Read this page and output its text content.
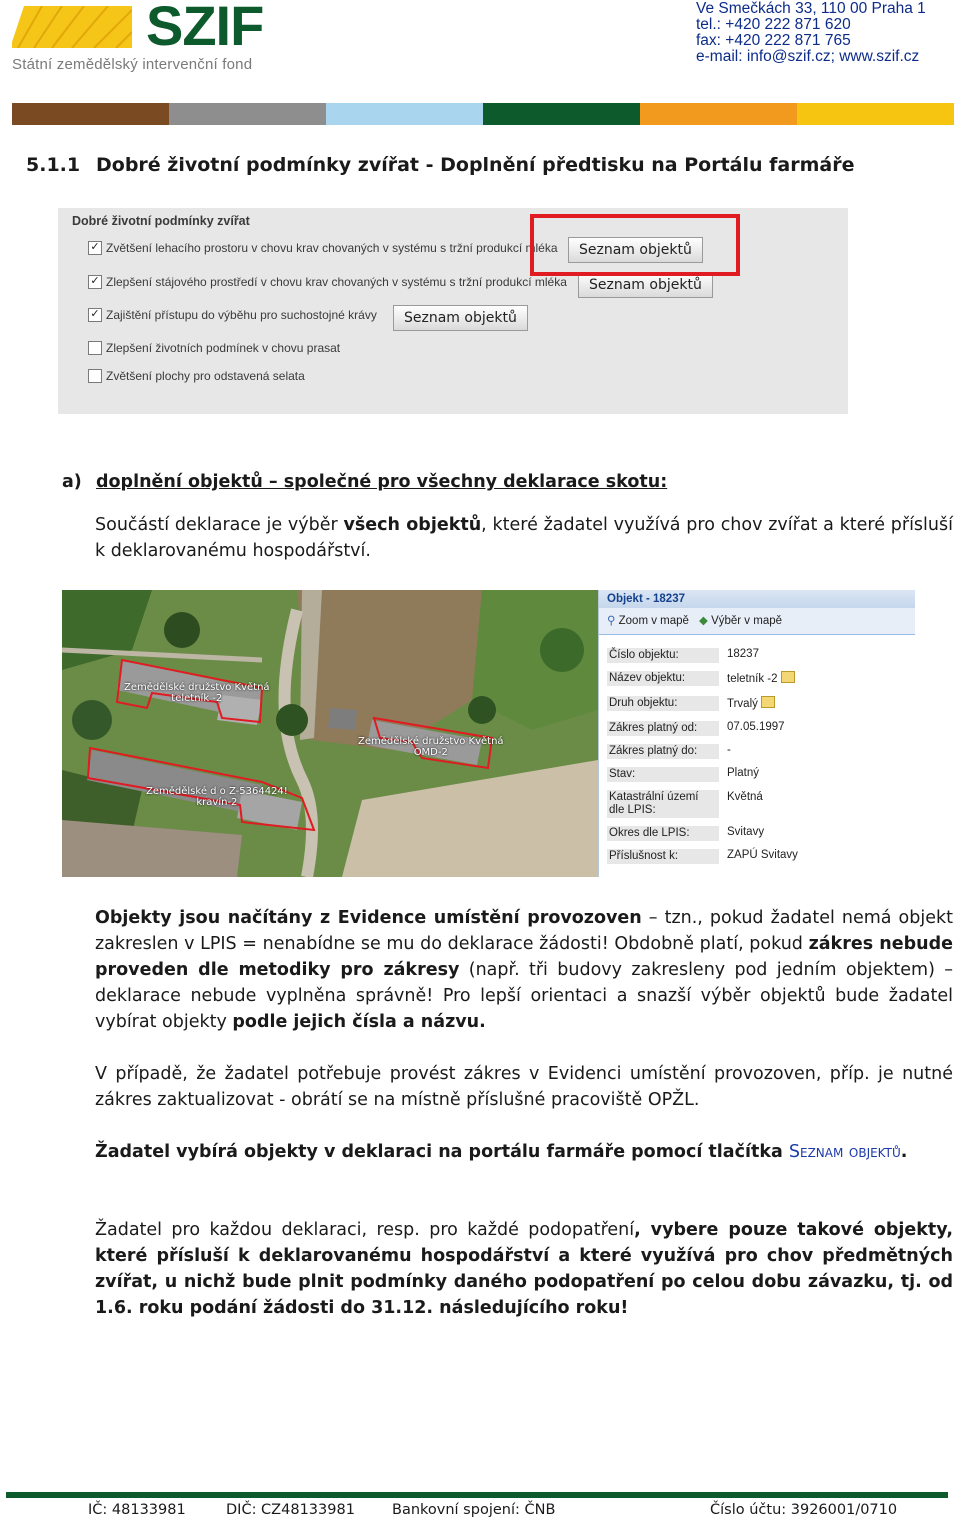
SZIF
Státní zemědělský intervenční fond
Ve Smečkách 33, 110 00 Praha 1
tel.: +420 222 871 620
fax: +420 222 871 765
e-mail: info@szif.cz; www.szif.cz
5.1.1 Dobré životní podmínky zvířat - Doplnění předtisku na Portálu farmáře
Dobré životní podmínky zvířat
✓ Zvětšení lehacího prostoru v chovu krav chovaných v systému s tržní produkcí mléka
✓ Zlepšení stájového prostředí v chovu krav chovaných v systému s tržní produkcí mléka
✓ Zajištění přístupu do výběhu pro suchostojné krávy
Zlepšení životních podmínek v chovu prasat
Zvětšení plochy pro odstavená selata
Seznam objektů
Seznam objektů
Seznam objektů
a) doplnění objektů – společné pro všechny deklarace skotu:
Součástí deklarace je výběr všech objektů, které žadatel využívá pro chov zvířat a které přísluší k deklarovanému hospodářství.
Zemědělské družstvo Květná
teletník -2
Zemědělské družstvo Květná
OMD-2
Zemědělské d o Z-5364424!
kravín-2
Objekt - 18237
⚲ Zoom v mapě ◆ Výběr v mapě
Číslo objektu:	18237
Název objektu:	teletník -2
Druh objektu:	Trvalý
Zákres platný od:	07.05.1997
Zákres platný do:	-
Stav:	Platný
Katastrální území dle LPIS:
Květná
Okres dle LPIS:	Svitavy
Příslušnost k:	ZAPÚ Svitavy
Objekty jsou načítány z Evidence umístění provozoven – tzn., pokud žadatel nemá objekt zakreslen v LPIS = nenabídne se mu do deklarace žádosti! Obdobně platí, pokud zákres nebude proveden dle metodiky pro zákresy (např. tři budovy zakresleny pod jedním objektem) – deklarace nebude vyplněna správně! Pro lepší orientaci a snazší výběr objektů bude žadatel vybírat objekty podle jejich čísla a názvu.
V případě, že žadatel potřebuje provést zákres v Evidenci umístění provozoven, příp. je nutné zákres zaktualizovat - obrátí se na místně příslušné pracoviště OPŽL.
Žadatel vybírá objekty v deklaraci na portálu farmáře pomocí tlačítka Seznam objektů.
Žadatel pro každou deklaraci, resp. pro každé podopatření, vybere pouze takové objekty, které přísluší k deklarovanému hospodářství a které využívá pro chov předmětných zvířat, u nichž bude plnit podmínky daného podopatření po celou dobu závazku, tj. od 1.6. roku podání žádosti do 31.12. následujícího roku!
IČ: 48133981	DIČ: CZ48133981	Bankovní spojení: ČNB	Číslo účtu: 3926001/0710
